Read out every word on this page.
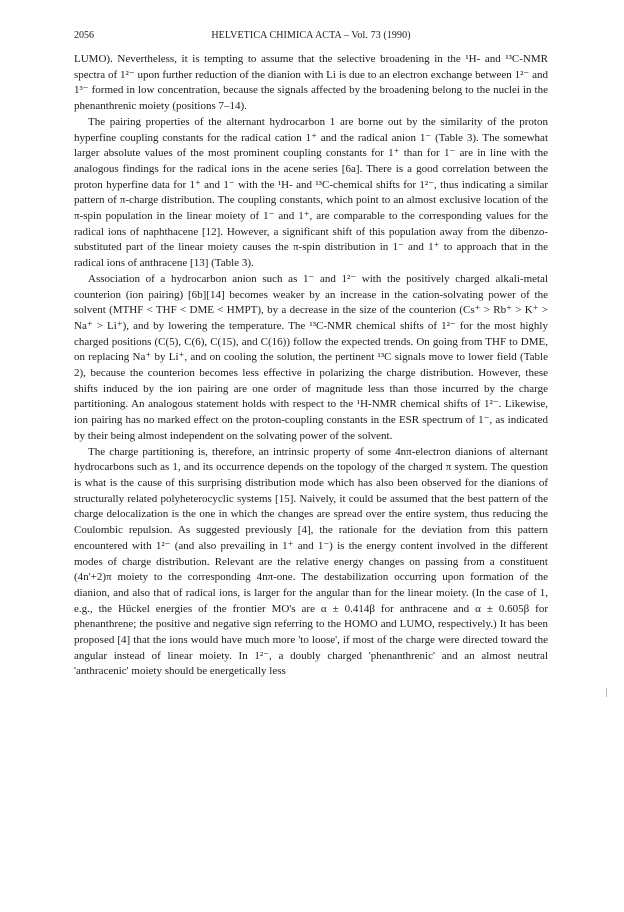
2056	HELVETICA CHIMICA ACTA – Vol. 73 (1990)

LUMO). Nevertheless, it is tempting to assume that the selective broadening in the ¹H- and ¹³C-NMR spectra of 1²⁻ upon further reduction of the dianion with Li is due to an electron exchange between 1²⁻ and 1³⁻ formed in low concentration, because the signals affected by the broadening belong to the nuclei in the phenanthrenic moiety (positions 7–14).

The pairing properties of the alternant hydrocarbon 1 are borne out by the similarity of the proton hyperfine coupling constants for the radical cation 1⁺ and the radical anion 1⁻ (Table 3). The somewhat larger absolute values of the most prominent coupling constants for 1⁺ than for 1⁻ are in line with the analogous findings for the radical ions in the acene series [6a]. There is a good correlation between the proton hyperfine data for 1⁺ and 1⁻ with the ¹H- and ¹³C-chemical shifts for 1²⁻, thus indicating a similar pattern of π-charge distribution. The coupling constants, which point to an almost exclusive location of the π-spin population in the linear moiety of 1⁻ and 1⁺, are comparable to the corresponding values for the radical ions of naphthacene [12]. However, a significant shift of this population away from the dibenzo-substituted part of the linear moiety causes the π-spin distribution in 1⁻ and 1⁺ to approach that in the radical ions of anthracene [13] (Table 3).

Association of a hydrocarbon anion such as 1⁻ and 1²⁻ with the positively charged alkali-metal counterion (ion pairing) [6b][14] becomes weaker by an increase in the cation-solvating power of the solvent (MTHF < THF < DME < HMPT), by a decrease in the size of the counterion (Cs⁺ > Rb⁺ > K⁺ > Na⁺ > Li⁺), and by lowering the temperature. The ¹³C-NMR chemical shifts of 1²⁻ for the most highly charged positions (C(5), C(6), C(15), and C(16)) follow the expected trends. On going from THF to DME, on replacing Na⁺ by Li⁺, and on cooling the solution, the pertinent ¹³C signals move to lower field (Table 2), because the counterion becomes less effective in polarizing the charge distribution. However, these shifts induced by the ion pairing are one order of magnitude less than those incurred by the charge partitioning. An analogous statement holds with respect to the ¹H-NMR chemical shifts of 1²⁻. Likewise, ion pairing has no marked effect on the proton-coupling constants in the ESR spectrum of 1⁻, as indicated by their being almost independent on the solvating power of the solvent.

The charge partitioning is, therefore, an intrinsic property of some 4nπ-electron dianions of alternant hydrocarbons such as 1, and its occurrence depends on the topology of the charged π system. The question is what is the cause of this surprising distribution mode which has also been observed for the dianions of structurally related polyheterocyclic systems [15]. Naively, it could be assumed that the best pattern of the charge delocalization is the one in which the changes are spread over the entire system, thus reducing the Coulombic repulsion. As suggested previously [4], the rationale for the deviation from this pattern encountered with 1²⁻ (and also prevailing in 1⁺ and 1⁻) is the energy content involved in the different modes of charge distribution. Relevant are the relative energy changes on passing from a constituent (4n'+2)π moiety to the corresponding 4nπ-one. The destabilization occurring upon formation of the dianion, and also that of radical ions, is larger for the angular than for the linear moiety. (In the case of 1, e.g., the Hückel energies of the frontier MO's are α ± 0.414β for anthracene and α ± 0.605β for phenanthrene; the positive and negative sign referring to the HOMO and LUMO, respectively.) It has been proposed [4] that the ions would have much more 'to loose', if most of the charge were directed toward the angular instead of linear moiety. In 1²⁻, a doubly charged 'phenanthrenic' and an almost neutral 'anthracenic' moiety should be energetically less
